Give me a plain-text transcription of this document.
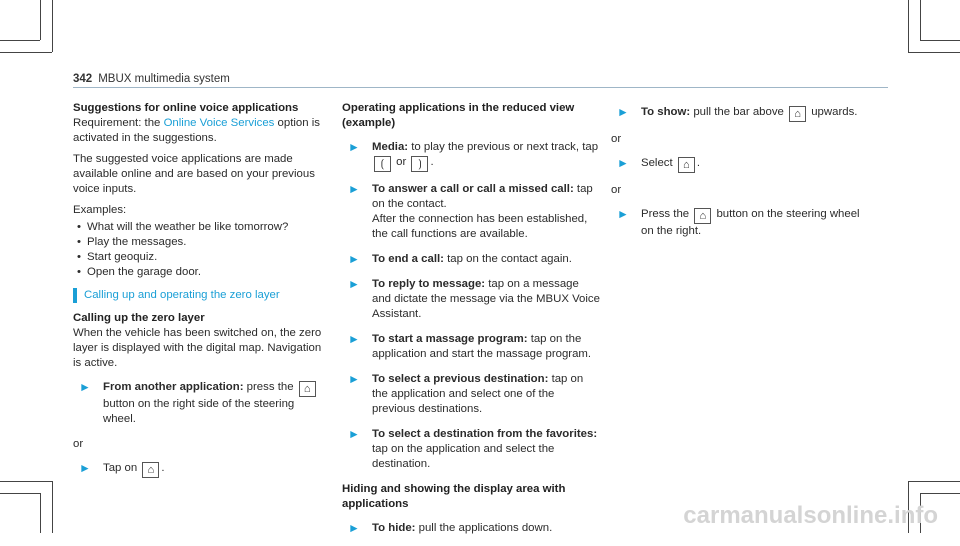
342 MBUX multimedia system

Suggestions for online voice applications

Requirement: the Online Voice Services option is activated in the suggestions.

The suggested voice applications are made available online and are based on your previous voice inputs.

Examples:

• What will the weather be like tomorrow?
• Play the messages.
• Start geoquiz.
• Open the garage door.
Calling up and operating the zero layer

Calling up the zero layer

When the vehicle has been switched on, the zero layer is displayed with the digital map. Navigation is active.

► From another application: press the ⌂ button on the right side of the steering wheel.

or

► Tap on ⌂ .

Operating applications in the reduced view (example)

► Media: to play the previous or next track, tap
⟮ or ⟯ .
► To answer a call or call a missed call: tap on the contact.
After the connection has been established, the call functions are available.
► To end a call: tap on the contact again.
► To reply to message: tap on a message and dictate the message via the MBUX Voice Assistant.
► To start a massage program: tap on the application and start the massage program.
► To select a previous destination: tap on the application and select one of the previous destinations.
► To select a destination from the favorites: tap on the application and select the destination.

Hiding and showing the display area with applications

► To hide: pull the applications down.
► To show: pull the bar above ⌂ upwards.

or

► Select ⌂ .

or

► Press the ⌂ button on the steering wheel on the right.
carmanualsonline.info
